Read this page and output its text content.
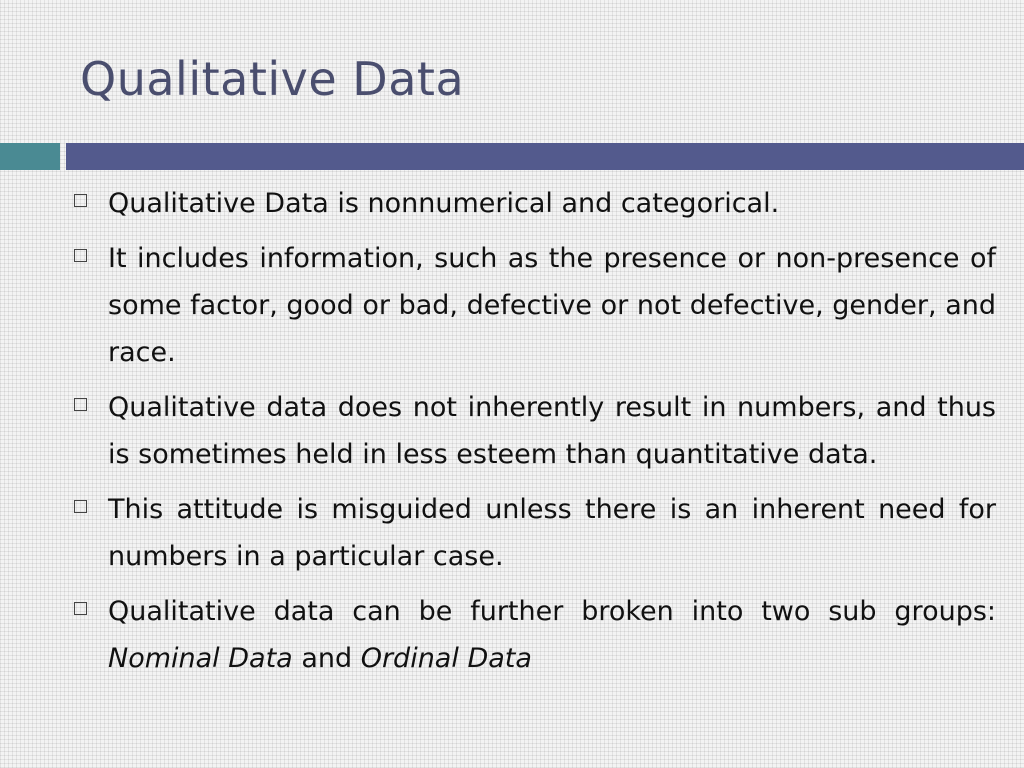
Qualitative Data
Qualitative Data is nonnumerical and categorical.
It includes information, such as the presence or non-presence of some factor, good or bad, defective or not defective, gender, and race.
Qualitative data does not inherently result in numbers, and thus is sometimes held in less esteem than quantitative data.
This attitude is misguided unless there is an inherent need for numbers in a particular case.
Qualitative data can be further broken into two sub groups: Nominal Data and Ordinal Data
